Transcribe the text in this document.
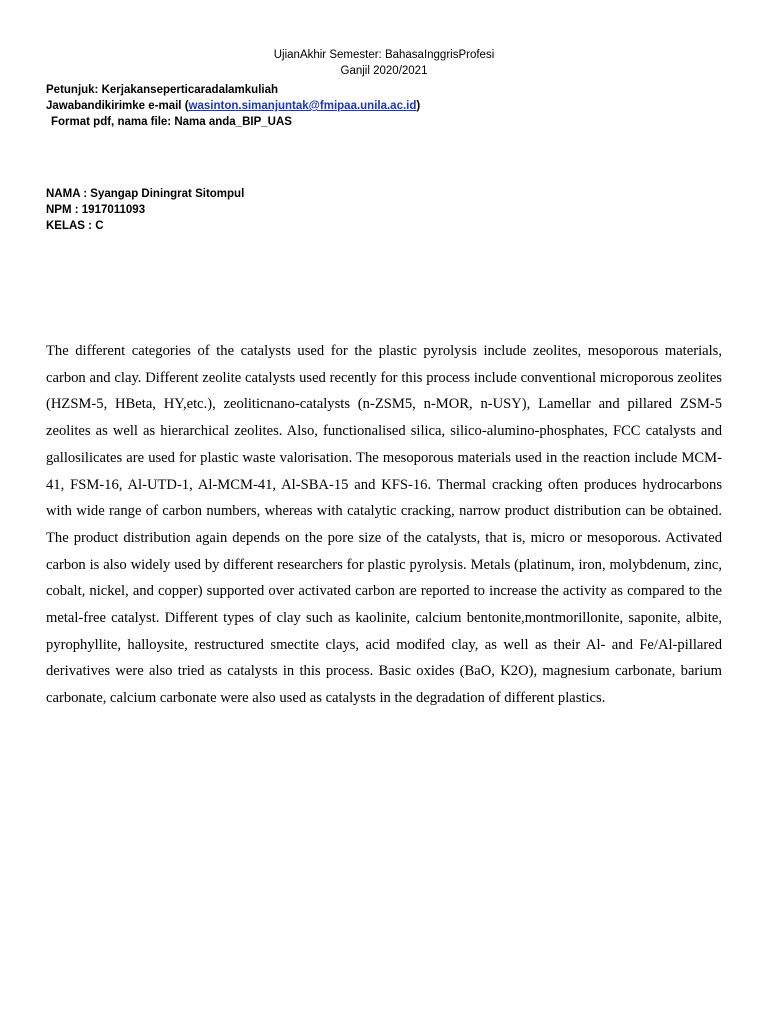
UjianAkhir Semester: BahasaInggrisProfesi
Ganjil 2020/2021
Petunjuk: Kerjakanseperticaradalamkuliah
Jawabandikirimke e-mail (wasinton.simanjuntak@fmipaa.unila.ac.id)
Format pdf, nama file: Nama anda_BIP_UAS
NAMA : Syangap Diningrat Sitompul
NPM : 1917011093
KELAS : C

The different categories of the catalysts used for the plastic pyrolysis include zeolites, mesoporous materials, carbon and clay. Different zeolite catalysts used recently for this process include conventional microporous zeolites (HZSM-5, HBeta, HY,etc.), zeoliticnano-catalysts (n-ZSM5, n-MOR, n-USY), Lamellar and pillared ZSM-5 zeolites as well as hierarchical zeolites. Also, functionalised silica, silico-alumino-phosphates, FCC catalysts and gallosilicates are used for plastic waste valorisation. The mesoporous materials used in the reaction include MCM-41, FSM-16, Al-UTD-1, Al-MCM-41, Al-SBA-15 and KFS-16. Thermal cracking often produces hydrocarbons with wide range of carbon numbers, whereas with catalytic cracking, narrow product distribution can be obtained. The product distribution again depends on the pore size of the catalysts, that is, micro or mesoporous. Activated carbon is also widely used by different researchers for plastic pyrolysis. Metals (platinum, iron, molybdenum, zinc, cobalt, nickel, and copper) supported over activated carbon are reported to increase the activity as compared to the metal-free catalyst. Different types of clay such as kaolinite, calcium bentonite,montmorillonite, saponite, albite, pyrophyllite, halloysite, restructured smectite clays, acid modifed clay, as well as their Al- and Fe/Al-pillared derivatives were also tried as catalysts in this process. Basic oxides (BaO, K2O), magnesium carbonate, barium carbonate, calcium carbonate were also used as catalysts in the degradation of different plastics.
